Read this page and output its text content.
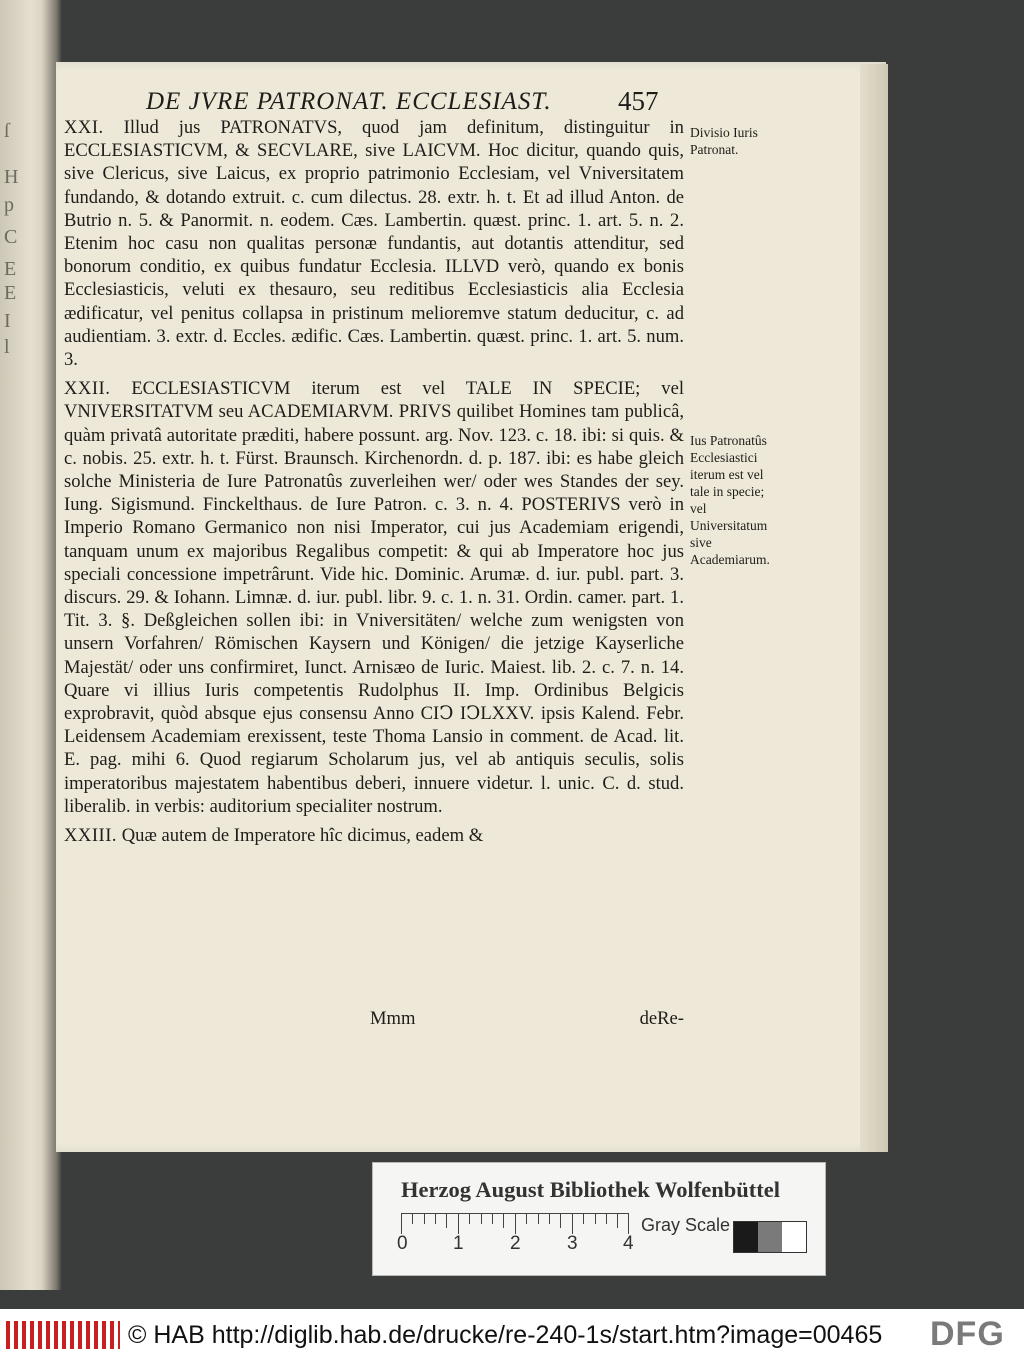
ſ
H
p
C
E
E
I
l
DE JVRE PATRONAT. ECCLESIAST.	457

XXI. Illud jus PATRONATVS, quod jam definitum, distinguitur in ECCLESIASTICVM, & SECVLARE, sive LAICVM. Hoc dicitur, quando quis, sive Clericus, sive Laicus, ex proprio patrimonio Ecclesiam, vel Vniversitatem fundando, & dotando extruit. c. cum dilectus. 28. extr. h. t. Et ad illud Anton. de Butrio n. 5. & Panormit. n. eodem. Cæs. Lambertin. quæst. princ. 1. art. 5. n. 2. Etenim hoc casu non qualitas personæ fundantis, aut dotantis attenditur, sed bonorum conditio, ex quibus fundatur Ecclesia. ILLVD verò, quando ex bonis Ecclesiasticis, veluti ex thesauro, seu reditibus Ecclesiasticis alia Ecclesia ædificatur, vel penitus collapsa in pristinum melioremve statum deducitur, c. ad audientiam. 3. extr. d. Eccles. ædific. Cæs. Lambertin. quæst. princ. 1. art. 5. num. 3.

XXII. ECCLESIASTICVM iterum est vel TALE IN SPECIE; vel VNIVERSITATVM seu ACADEMIARVM. PRIVS quilibet Homines tam publicâ, quàm privatâ autoritate præditi, habere possunt. arg. Nov. 123. c. 18. ibi: si quis. & c. nobis. 25. extr. h. t. Fürst. Braunsch. Kirchenordn. d. p. 187. ibi: es habe gleich solche Ministeria de Iure Patronatûs zuverleihen wer/ oder wes Standes der sey. Iung. Sigismund. Finckelthaus. de Iure Patron. c. 3. n. 4. POSTERIVS verò in Imperio Romano Germanico non nisi Imperator, cui jus Academiam erigendi, tanquam unum ex majoribus Regalibus competit: & qui ab Imperatore hoc jus speciali concessione impetrârunt. Vide hic. Dominic. Arumæ. d. iur. publ. part. 3. discurs. 29. & Iohann. Limnæ. d. iur. publ. libr. 9. c. 1. n. 31. Ordin. camer. part. 1. Tit. 3. §. Deßgleichen sollen ibi: in Vniversitäten/ welche zum wenigsten von unsern Vorfahren/ Römischen Kaysern und Königen/ die jetzige Kayserliche Majestät/ oder uns confirmiret, Iunct. Arnisæo de Iuric. Maiest. lib. 2. c. 7. n. 14. Quare vi illius Iuris competentis Rudolphus II. Imp. Ordinibus Belgicis exprobravit, quòd absque ejus consensu Anno CIↃ IↃLXXV. ipsis Kalend. Febr. Leidensem Academiam erexissent, teste Thoma Lansio in comment. de Acad. lit. E. pag. mihi 6. Quod regiarum Scholarum jus, vel ab antiquis seculis, solis imperatoribus majestatem habentibus deberi, innuere videtur. l. unic. C. d. stud. liberalib. in verbis: auditorium specialiter nostrum.

XXIII. Quæ autem de Imperatore hîc dicimus, eadem &

Divisio Iuris Patronat.
Ius Patronatûs Ecclesiastici iterum est vel tale in specie; vel Universitatum sive Academiarum.
Mmm	deRe-
Herzog August Bibliothek Wolfenbüttel
0 1 2 3 4
Gray Scale
© HAB http://diglib.hab.de/drucke/re-240-1s/start.htm?image=00465 DFG
